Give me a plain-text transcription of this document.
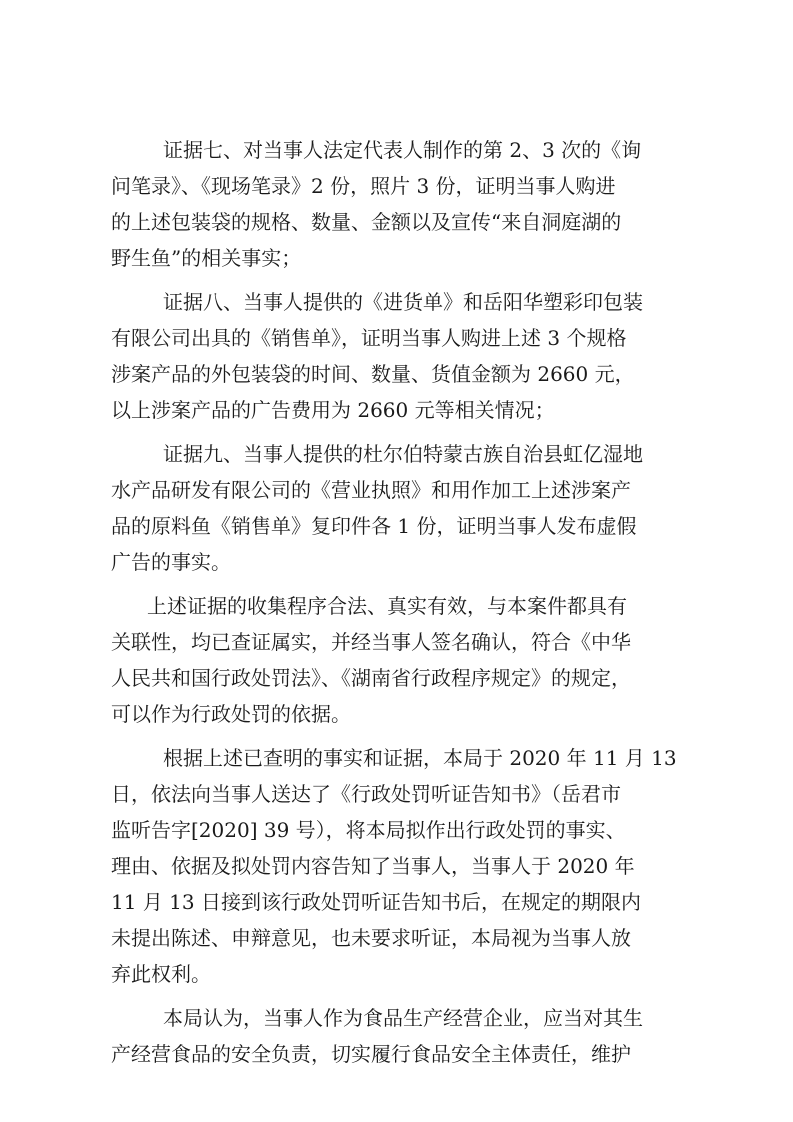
证据七、对当事人法定代表人制作的第 2、3 次的《询
问笔录》、《现场笔录》2 份，照片 3 份，证明当事人购进
的上述包装袋的规格、数量、金额以及宣传“来自洞庭湖的
野生鱼”的相关事实；
证据八、当事人提供的《进货单》和岳阳华塑彩印包装
有限公司出具的《销售单》，证明当事人购进上述 3 个规格
涉案产品的外包装袋的时间、数量、货值金额为 2660 元，
以上涉案产品的广告费用为 2660 元等相关情况；
证据九、当事人提供的杜尔伯特蒙古族自治县虹亿湿地
水产品研发有限公司的《营业执照》和用作加工上述涉案产
品的原料鱼《销售单》复印件各 1 份，证明当事人发布虚假
广告的事实。
上述证据的收集程序合法、真实有效，与本案件都具有
关联性，均已查证属实，并经当事人签名确认，符合《中华
人民共和国行政处罚法》、《湖南省行政程序规定》的规定，
可以作为行政处罚的依据。
根据上述已查明的事实和证据，本局于 2020 年 11 月 13
日，依法向当事人送达了《行政处罚听证告知书》（岳君市
监听告字[2020] 39 号），将本局拟作出行政处罚的事实、
理由、依据及拟处罚内容告知了当事人，当事人于 2020 年
11 月 13 日接到该行政处罚听证告知书后，在规定的期限内
未提出陈述、申辩意见，也未要求听证，本局视为当事人放
弃此权利。
本局认为，当事人作为食品生产经营企业，应当对其生
产经营食品的安全负责，切实履行食品安全主体责任，维护
